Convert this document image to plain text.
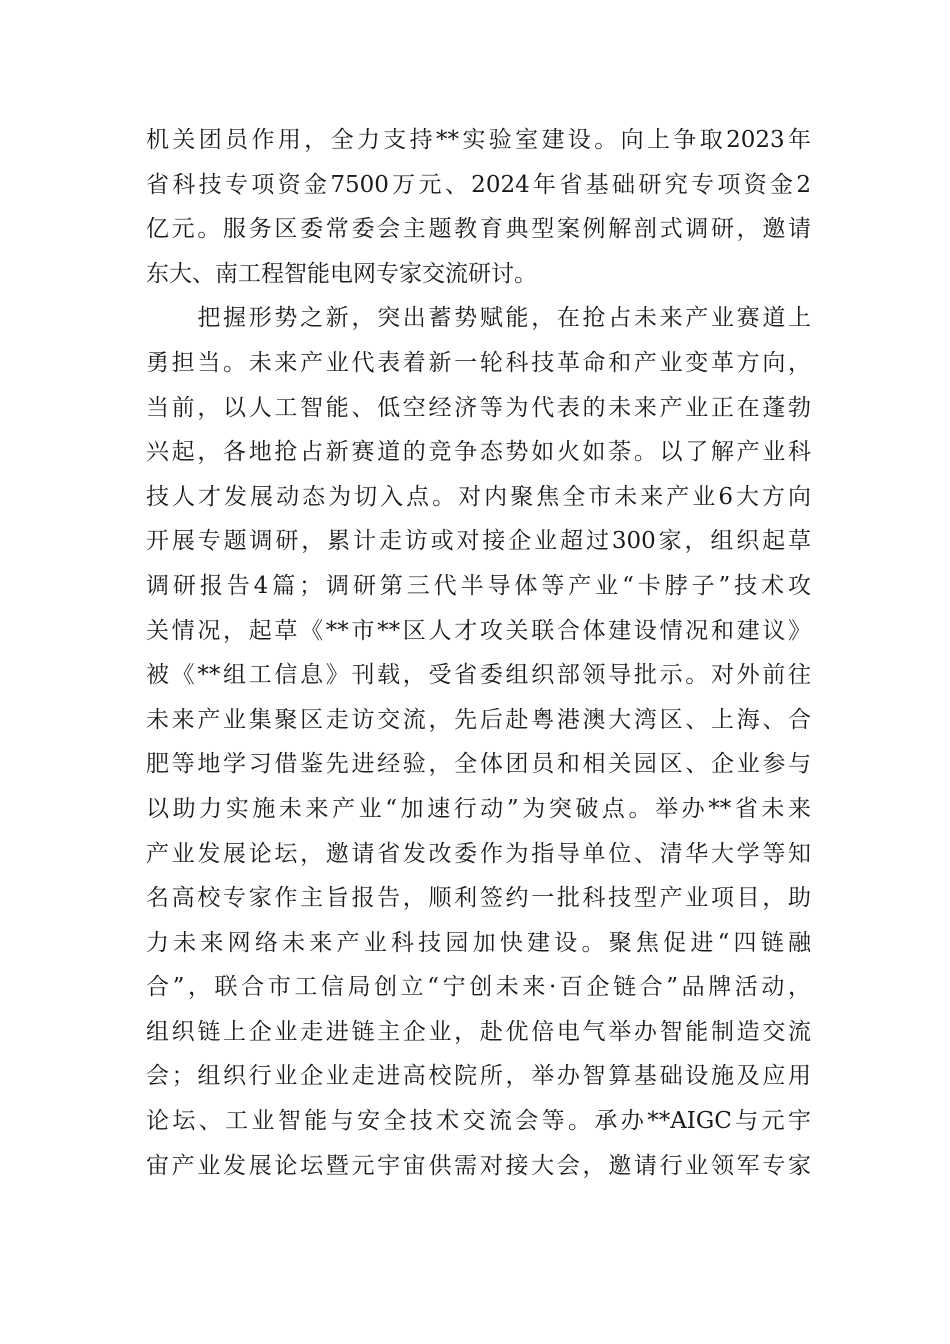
机关团员作用，全力支持**实验室建设。向上争取2023年
省科技专项资金7500万元、2024年省基础研究专项资金2
亿元。服务区委常委会主题教育典型案例解剖式调研，邀请
东大、南工程智能电网专家交流研讨。
　　把握形势之新，突出蓄势赋能，在抢占未来产业赛道上
勇担当。未来产业代表着新一轮科技革命和产业变革方向，
当前，以人工智能、低空经济等为代表的未来产业正在蓬勃
兴起，各地抢占新赛道的竞争态势如火如荼。以了解产业科
技人才发展动态为切入点。对内聚焦全市未来产业6大方向
开展专题调研，累计走访或对接企业超过300家，组织起草
调研报告4篇；调研第三代半导体等产业“卡脖子”技术攻
关情况，起草《**市**区人才攻关联合体建设情况和建议》
被《**组工信息》刊载，受省委组织部领导批示。对外前往
未来产业集聚区走访交流，先后赴粤港澳大湾区、上海、合
肥等地学习借鉴先进经验，全体团员和相关园区、企业参与
以助力实施未来产业“加速行动”为突破点。举办**省未来
产业发展论坛，邀请省发改委作为指导单位、清华大学等知
名高校专家作主旨报告，顺利签约一批科技型产业项目，助
力未来网络未来产业科技园加快建设。聚焦促进“四链融
合”，联合市工信局创立“宁创未来·百企链合”品牌活动，
组织链上企业走进链主企业，赴优倍电气举办智能制造交流
会；组织行业企业走进高校院所，举办智算基础设施及应用
论坛、工业智能与安全技术交流会等。承办**AIGC与元宇
宙产业发展论坛暨元宇宙供需对接大会，邀请行业领军专家
